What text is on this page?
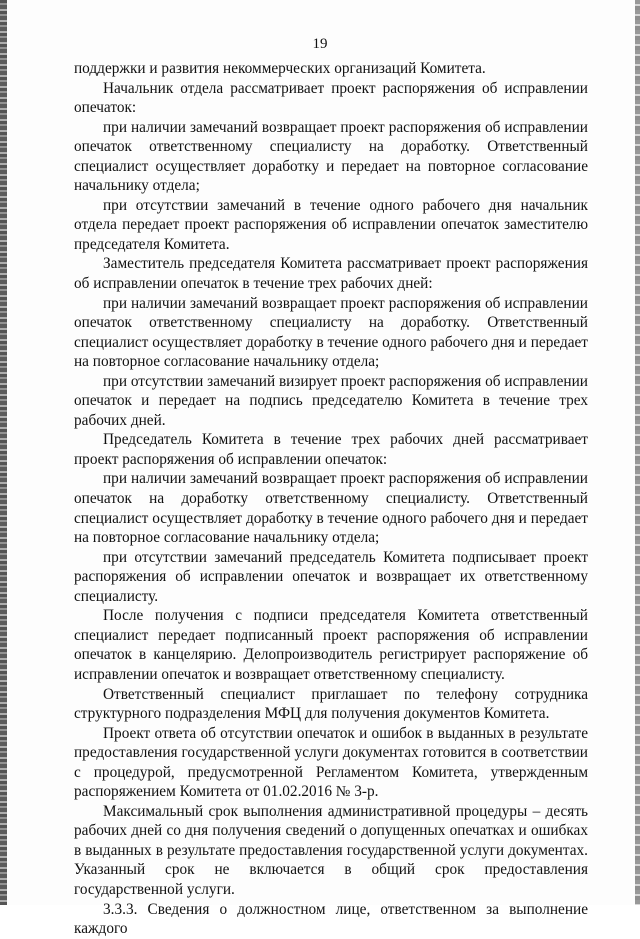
19

поддержки и развития некоммерческих организаций Комитета.

Начальник отдела рассматривает проект распоряжения об исправлении опечаток:

при наличии замечаний возвращает проект распоряжения об исправлении опечаток ответственному специалисту на доработку. Ответственный специалист осуществляет доработку и передает на повторное согласование начальнику отдела;

при отсутствии замечаний в течение одного рабочего дня начальник отдела передает проект распоряжения об исправлении опечаток заместителю председателя Комитета.

Заместитель председателя Комитета рассматривает проект распоряжения об исправлении опечаток в течение трех рабочих дней:

при наличии замечаний возвращает проект распоряжения об исправлении опечаток ответственному специалисту на доработку. Ответственный специалист осуществляет доработку в течение одного рабочего дня и передает на повторное согласование начальнику отдела;

при отсутствии замечаний визирует проект распоряжения об исправлении опечаток и передает на подпись председателю Комитета в течение трех рабочих дней.

Председатель Комитета в течение трех рабочих дней рассматривает проект распоряжения об исправлении опечаток:

при наличии замечаний возвращает проект распоряжения об исправлении опечаток на доработку ответственному специалисту. Ответственный специалист осуществляет доработку в течение одного рабочего дня и передает на повторное согласование начальнику отдела;

при отсутствии замечаний председатель Комитета подписывает проект распоряжения об исправлении опечаток и возвращает их ответственному специалисту.

После получения с подписи председателя Комитета ответственный специалист передает подписанный проект распоряжения об исправлении опечаток в канцелярию. Делопроизводитель регистрирует распоряжение об исправлении опечаток и возвращает ответственному специалисту.

Ответственный специалист приглашает по телефону сотрудника структурного подразделения МФЦ для получения документов Комитета.

Проект ответа об отсутствии опечаток и ошибок в выданных в результате предоставления государственной услуги документах готовится в соответствии с процедурой, предусмотренной Регламентом Комитета, утвержденным распоряжением Комитета от 01.02.2016 № 3-р.

Максимальный срок выполнения административной процедуры – десять рабочих дней со дня получения сведений о допущенных опечатках и ошибках в выданных в результате предоставления государственной услуги документах. Указанный срок не включается в общий срок предоставления государственной услуги.

3.3.3. Сведения о должностном лице, ответственном за выполнение каждого
